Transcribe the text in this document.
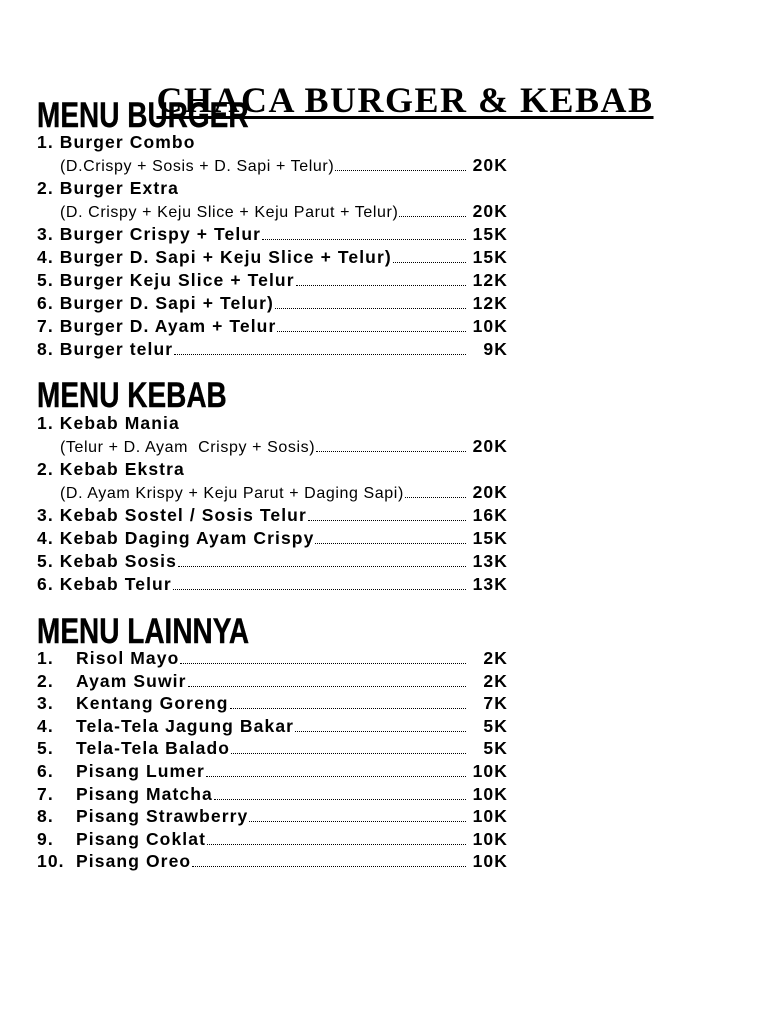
CHACA BURGER & KEBAB

MENU BURGER
1. Burger Combo
(D.Crispy + Sosis + D. Sapi + Telur)	20K
2. Burger Extra
(D. Crispy + Keju Slice + Keju Parut + Telur)	20K
3. Burger Crispy + Telur	15K
4. Burger D. Sapi + Keju Slice + Telur)	15K
5. Burger Keju Slice + Telur	12K
6. Burger D. Sapi + Telur)	12K
7. Burger D. Ayam + Telur	10K
8. Burger telur	9K
MENU KEBAB
1. Kebab Mania
(Telur + D. Ayam  Crispy + Sosis)	20K
2. Kebab Ekstra
(D. Ayam Krispy + Keju Parut + Daging Sapi)	20K
3. Kebab Sostel / Sosis Telur	16K
4. Kebab Daging Ayam Crispy	15K
5. Kebab Sosis	13K
6. Kebab Telur	13K
MENU LAINNYA
1.	Risol Mayo	2K
2.	Ayam Suwir	2K
3.	Kentang Goreng	7K
4.	Tela-Tela Jagung Bakar	5K
5.	Tela-Tela Balado	5K
6.	Pisang Lumer	10K
7.	Pisang Matcha	10K
8.	Pisang Strawberry	10K
9.	Pisang Coklat	10K
10. Pisang Oreo	10K
